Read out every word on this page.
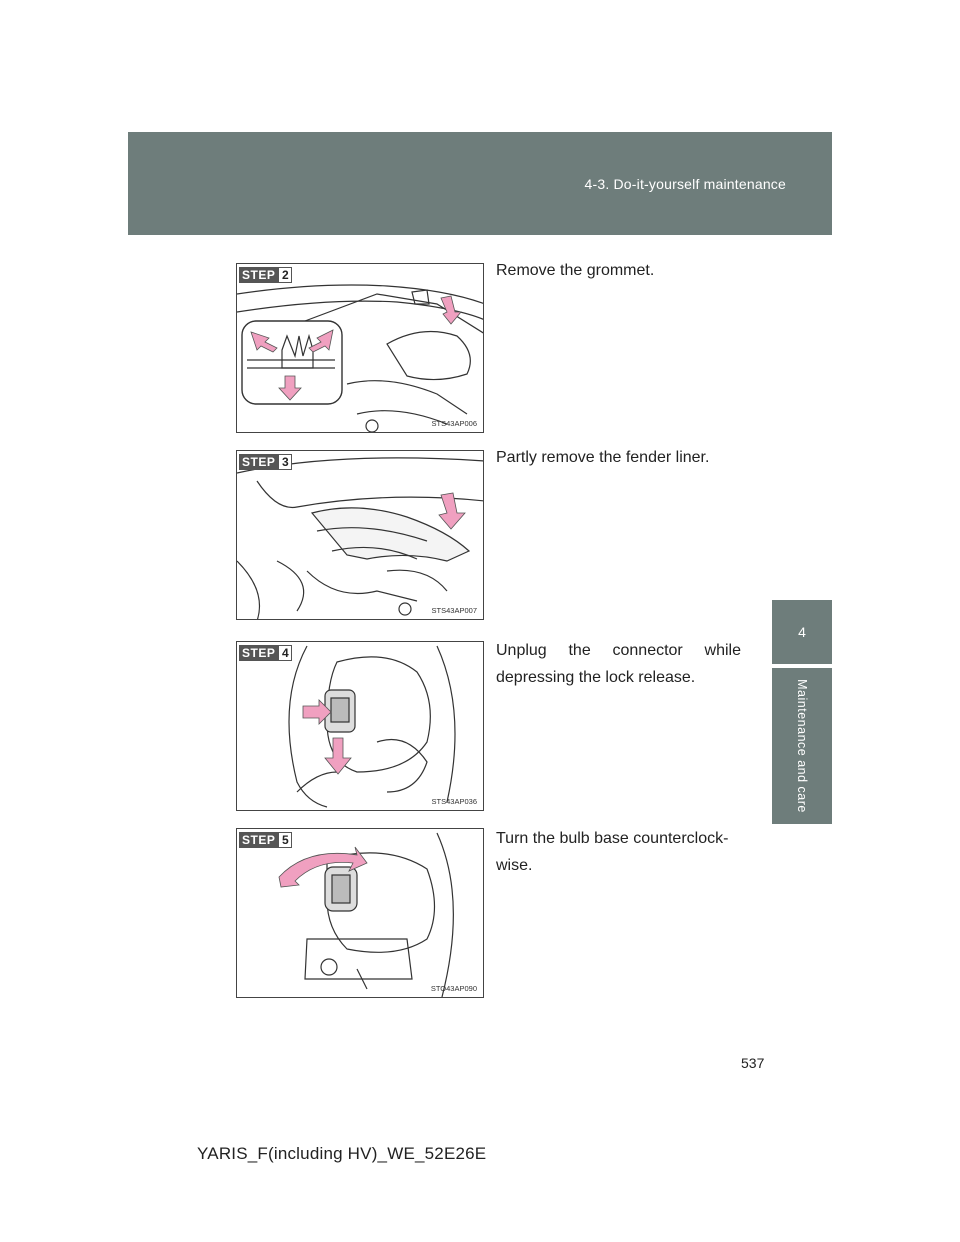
4-3. Do-it-yourself maintenance
4
Maintenance and care
STEP 2
STS43AP006
Remove the grommet.
STEP 3
STS43AP007
Partly remove the fender liner.
STEP 4
STS43AP036
Unplug the connector while depressing the lock release.
STEP 5
STO43AP090
Turn the bulb base counterclock-wise.
537
YARIS_F(including HV)_WE_52E26E
